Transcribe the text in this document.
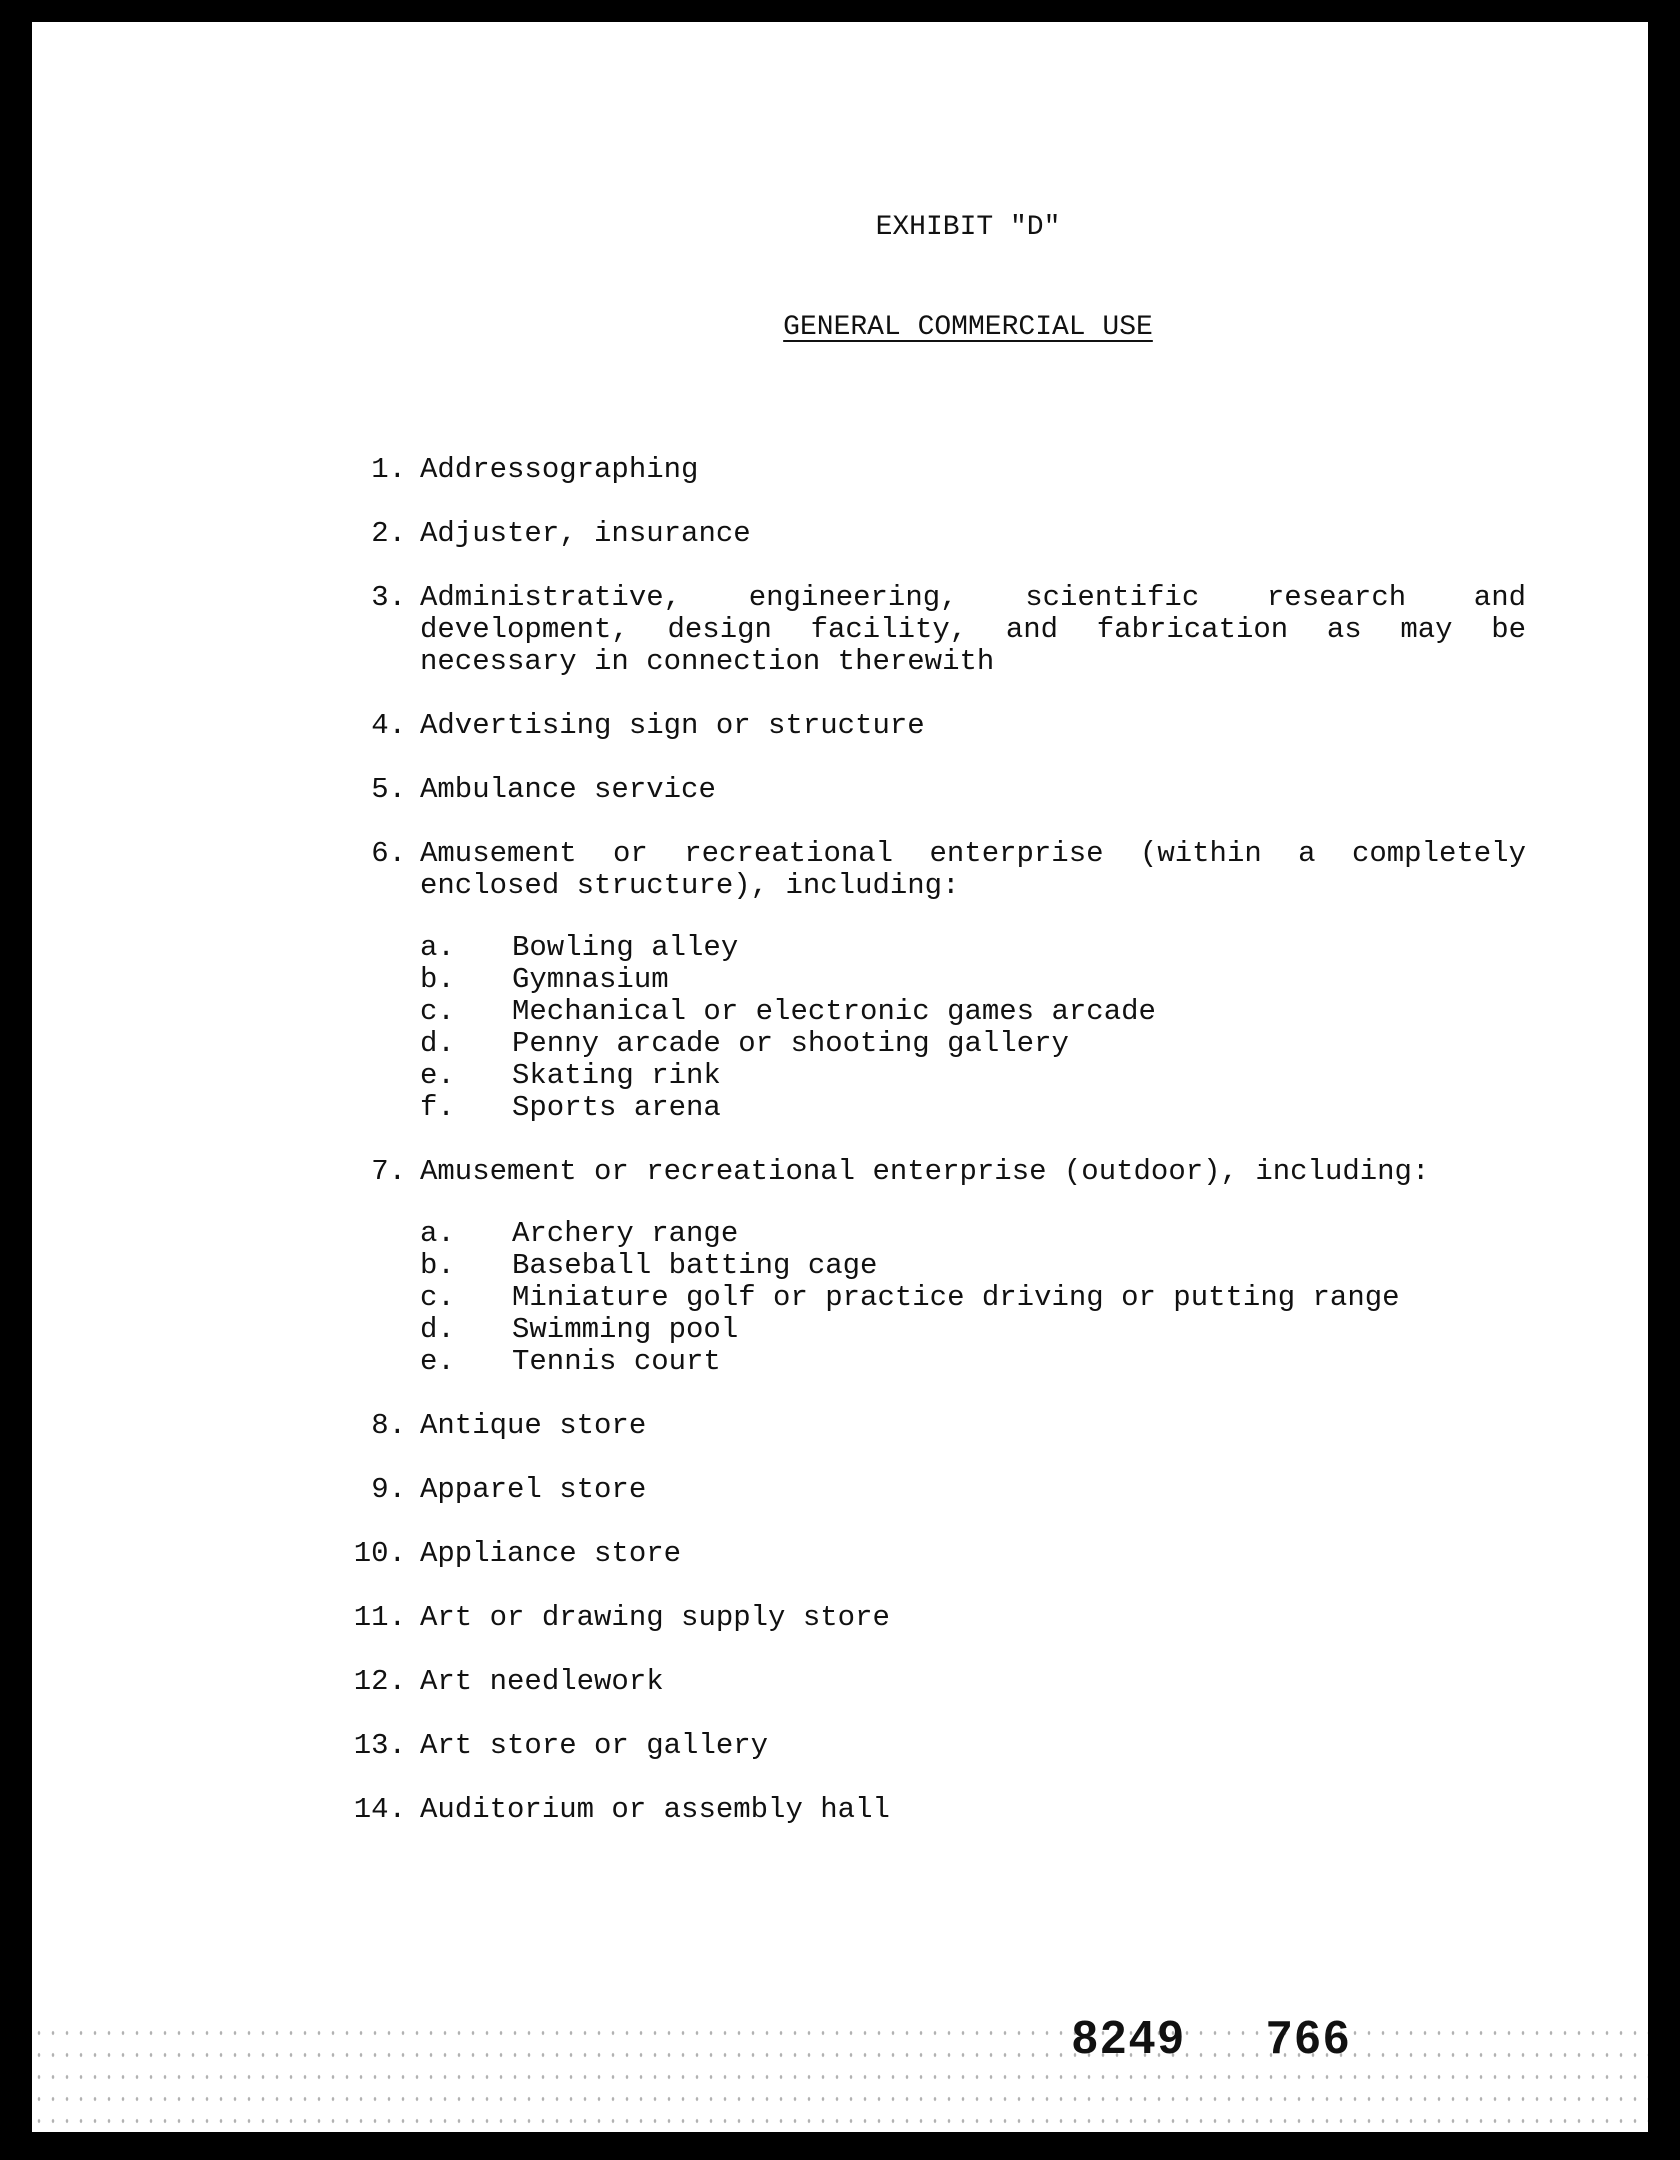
EXHIBIT "D"
GENERAL COMMERCIAL USE
1. Addressographing
2. Adjuster, insurance
3. Administrative, engineering, scientific research and development, design facility, and fabrication as may be necessary in connection therewith
4. Advertising sign or structure
5. Ambulance service
6. Amusement or recreational enterprise (within a completely enclosed structure), including:
a.	Bowling alley
b.	Gymnasium
c.	Mechanical or electronic games arcade
d.	Penny arcade or shooting gallery
e.	Skating rink
f.	Sports arena
7. Amusement or recreational enterprise (outdoor), including:
a.	Archery range
b.	Baseball batting cage
c.	Miniature golf or practice driving or putting range
d.	Swimming pool
e.	Tennis court
8. Antique store
9. Apparel store
10. Appliance store
11. Art or drawing supply store
12. Art needlework
13. Art store or gallery
14. Auditorium or assembly hall
8249 766
